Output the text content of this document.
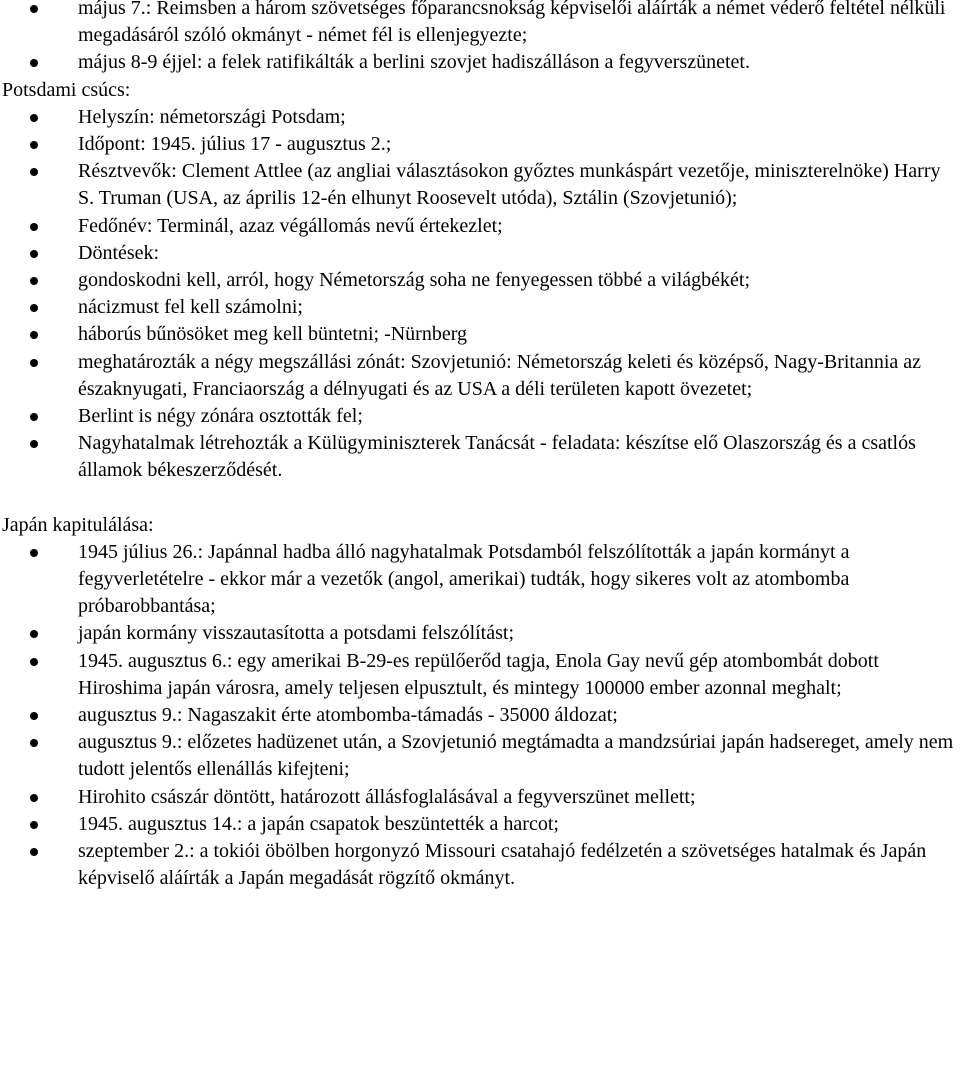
május 7.: Reimsben a három szövetséges főparancsnokság képviselői aláírták a német véderő feltétel nélküli megadásáról szóló okmányt - német fél is ellenjegyezte;
május 8-9 éjjel: a felek ratifikálták a berlini szovjet hadiszálláson a fegyverszünetet.

Potsdami csúcs:

Helyszín: németországi Potsdam;
Időpont: 1945. július 17 - augusztus 2.;
Résztvevők: Clement Attlee (az angliai választásokon győztes munkáspárt vezetője, miniszterelnöke) Harry S. Truman (USA, az április 12-én elhunyt Roosevelt utóda), Sztálin (Szovjetunió);
Fedőnév: Terminál, azaz végállomás nevű értekezlet;
Döntések:
gondoskodni kell, arról, hogy Németország soha ne fenyegessen többé a világbékét;
nácizmust fel kell számolni;
háborús bűnösöket meg kell büntetni; -Nürnberg
meghatározták a négy megszállási zónát: Szovjetunió: Németország keleti és középső, Nagy-Britannia az északnyugati, Franciaország a délnyugati és az USA a déli területen kapott övezetet;
Berlint is négy zónára osztották fel;
Nagyhatalmak létrehozták a Külügyminiszterek Tanácsát - feladata: készítse elő Olaszország és a csatlós államok békeszerződését.

Japán kapitulálása:

1945 július 26.: Japánnal hadba álló nagyhatalmak Potsdamból felszólították a japán kormányt a fegyverletételre - ekkor már a vezetők (angol, amerikai) tudták, hogy sikeres volt az atombomba próbarobbantása;
japán kormány visszautasította a potsdami felszólítást;
1945. augusztus 6.: egy amerikai B-29-es repülőerőd tagja, Enola Gay nevű gép atombombát dobott Hiroshima japán városra, amely teljesen elpusztult, és mintegy 100000 ember azonnal meghalt;
augusztus 9.: Nagaszakit érte atombomba-támadás - 35000 áldozat;
augusztus 9.: előzetes hadüzenet után, a Szovjetunió megtámadta a mandzsúriai japán hadsereget, amely nem tudott jelentős ellenállás kifejteni;
Hirohito császár döntött, határozott állásfoglalásával a fegyverszünet mellett;
1945. augusztus 14.: a japán csapatok beszüntették a harcot;
szeptember 2.: a tokiói öbölben horgonyzó Missouri csatahajó fedélzetén a szövetséges hatalmak és Japán képviselő aláírták a Japán megadását rögzítő okmányt.
